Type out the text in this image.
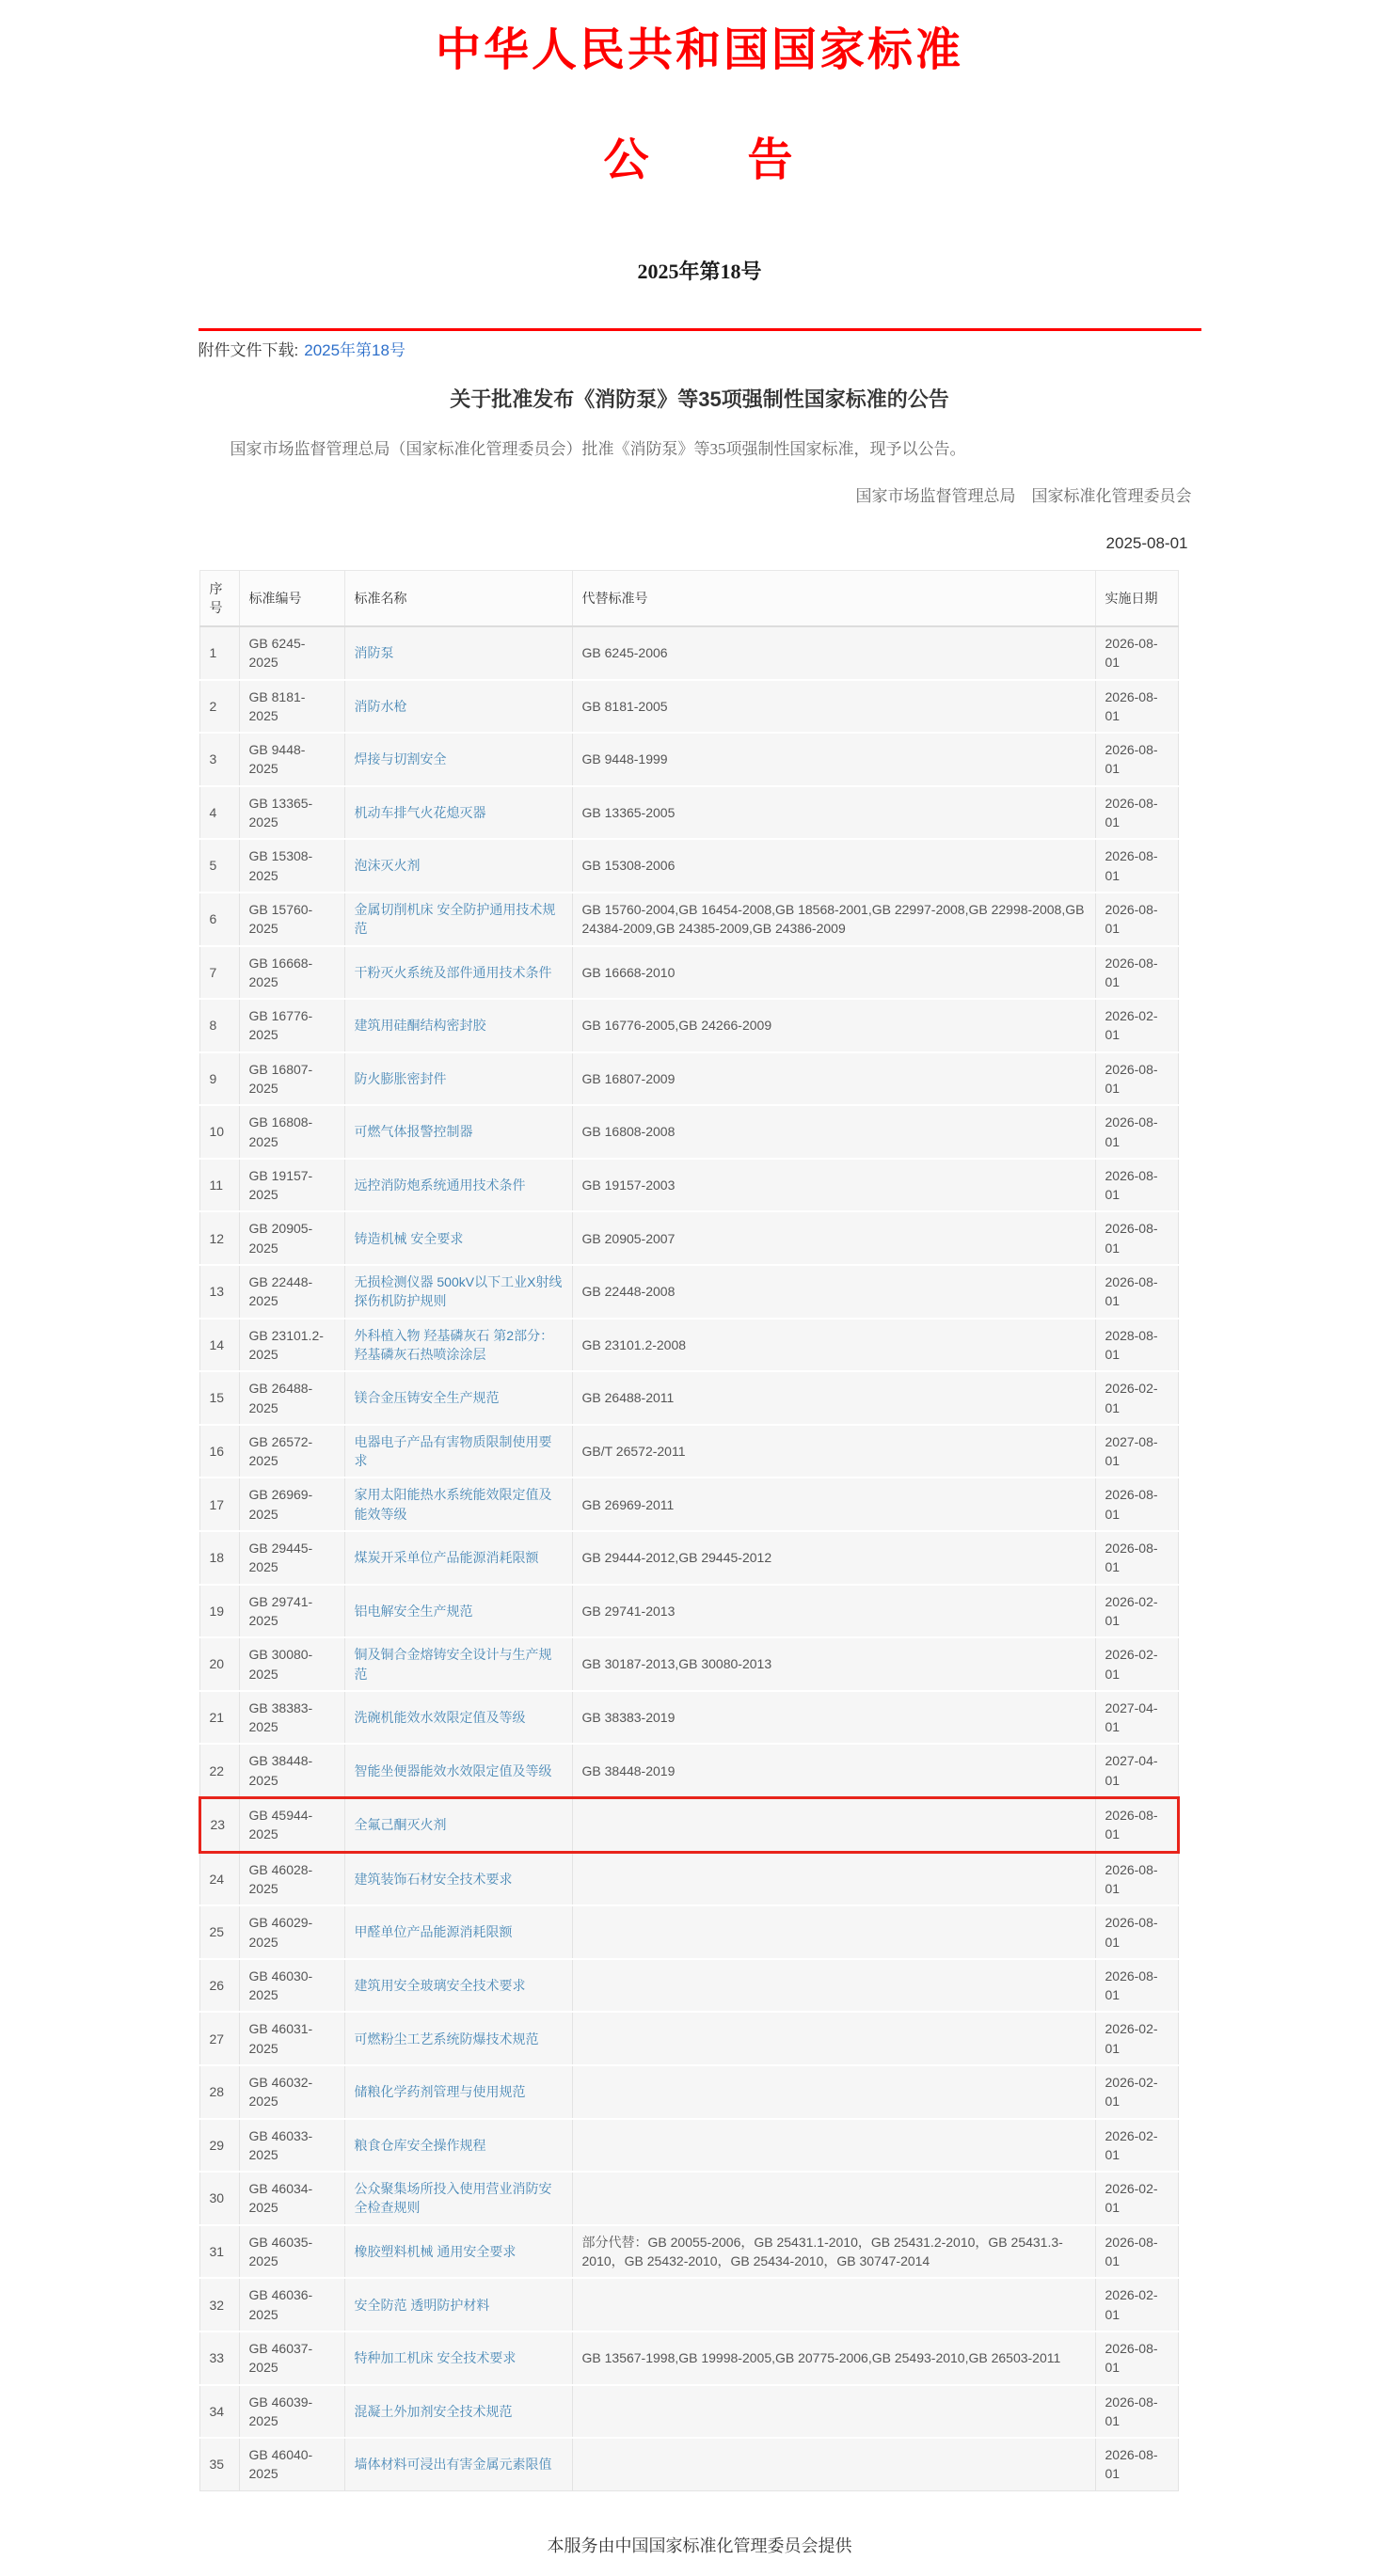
中华人民共和国国家标准
公　　告
2025年第18号
附件文件下载: 2025年第18号
关于批准发布《消防泵》等35项强制性国家标准的公告
国家市场监督管理总局（国家标准化管理委员会）批准《消防泵》等35项强制性国家标准，现予以公告。
国家市场监督管理总局　国家标准化管理委员会
2025-08-01
序号	标准编号	标准名称	代替标准号	实施日期
1	GB 6245-2025	消防泵	GB 6245-2006	2026-08-01
2	GB 8181-2025	消防水枪	GB 8181-2005	2026-08-01
3	GB 9448-2025	焊接与切割安全	GB 9448-1999	2026-08-01
4	GB 13365-2025	机动车排气火花熄灭器	GB 13365-2005	2026-08-01
5	GB 15308-2025	泡沫灭火剂	GB 15308-2006	2026-08-01
6	GB 15760-2025	金属切削机床 安全防护通用技术规范	GB 15760-2004,GB 16454-2008,GB 18568-2001,GB 22997-2008,GB 22998-2008,GB 24384-2009,GB 24385-2009,GB 24386-2009	2026-08-01
7	GB 16668-2025	干粉灭火系统及部件通用技术条件	GB 16668-2010	2026-08-01
8	GB 16776-2025	建筑用硅酮结构密封胶	GB 16776-2005,GB 24266-2009	2026-02-01
9	GB 16807-2025	防火膨胀密封件	GB 16807-2009	2026-08-01
10	GB 16808-2025	可燃气体报警控制器	GB 16808-2008	2026-08-01
11	GB 19157-2025	远控消防炮系统通用技术条件	GB 19157-2003	2026-08-01
12	GB 20905-2025	铸造机械 安全要求	GB 20905-2007	2026-08-01
13	GB 22448-2025	无损检测仪器 500kV以下工业X射线探伤机防护规则	GB 22448-2008	2026-08-01
14	GB 23101.2-2025	外科植入物 羟基磷灰石 第2部分：羟基磷灰石热喷涂涂层	GB 23101.2-2008	2028-08-01
15	GB 26488-2025	镁合金压铸安全生产规范	GB 26488-2011	2026-02-01
16	GB 26572-2025	电器电子产品有害物质限制使用要求	GB/T 26572-2011	2027-08-01
17	GB 26969-2025	家用太阳能热水系统能效限定值及能效等级	GB 26969-2011	2026-08-01
18	GB 29445-2025	煤炭开采单位产品能源消耗限额	GB 29444-2012,GB 29445-2012	2026-08-01
19	GB 29741-2025	铝电解安全生产规范	GB 29741-2013	2026-02-01
20	GB 30080-2025	铜及铜合金熔铸安全设计与生产规范	GB 30187-2013,GB 30080-2013	2026-02-01
21	GB 38383-2025	洗碗机能效水效限定值及等级	GB 38383-2019	2027-04-01
22	GB 38448-2025	智能坐便器能效水效限定值及等级	GB 38448-2019	2027-04-01
23	GB 45944-2025	全氟己酮灭火剂		2026-08-01
24	GB 46028-2025	建筑装饰石材安全技术要求		2026-08-01
25	GB 46029-2025	甲醛单位产品能源消耗限额		2026-08-01
26	GB 46030-2025	建筑用安全玻璃安全技术要求		2026-08-01
27	GB 46031-2025	可燃粉尘工艺系统防爆技术规范		2026-02-01
28	GB 46032-2025	储粮化学药剂管理与使用规范		2026-02-01
29	GB 46033-2025	粮食仓库安全操作规程		2026-02-01
30	GB 46034-2025	公众聚集场所投入使用营业消防安全检查规则		2026-02-01
31	GB 46035-2025	橡胶塑料机械 通用安全要求	部分代替：GB 20055-2006，GB 25431.1-2010，GB 25431.2-2010，GB 25431.3-2010，GB 25432-2010，GB 25434-2010，GB 30747-2014	2026-08-01
32	GB 46036-2025	安全防范 透明防护材料		2026-02-01
33	GB 46037-2025	特种加工机床 安全技术要求	GB 13567-1998,GB 19998-2005,GB 20775-2006,GB 25493-2010,GB 26503-2011	2026-08-01
34	GB 46039-2025	混凝土外加剂安全技术规范		2026-08-01
35	GB 46040-2025	墙体材料可浸出有害金属元素限值		2026-08-01
本服务由中国国家标准化管理委员会提供
